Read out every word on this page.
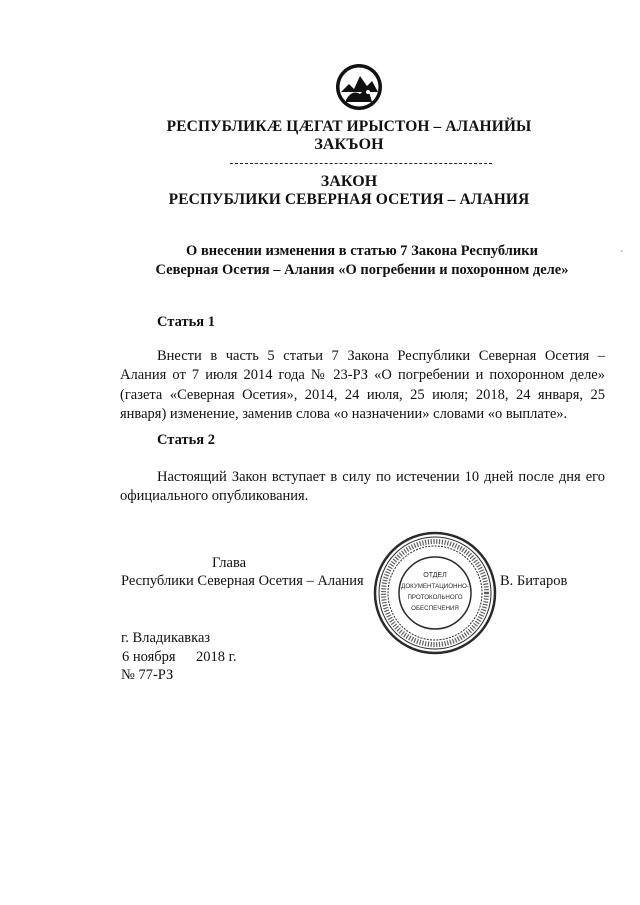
РЕСПУБЛИКÆ ЦÆГАТ ИРЫСТОН – АЛАНИЙЫ
ЗАКЪОН
ЗАКОН
РЕСПУБЛИКИ СЕВЕРНАЯ ОСЕТИЯ – АЛАНИЯ
О внесении изменения в статью 7 Закона Республики
Северная Осетия – Алания «О погребении и похоронном деле»
ˋ
Статья 1
Внести в часть 5 статьи 7 Закона Республики Северная Осетия – Алания от 7 июля 2014 года № 23-РЗ «О погребении и похоронном деле» (газета «Северная Осетия», 2014, 24 июля, 25 июля; 2018, 24 января, 25 января) изменение, заменив слова «о назначении» словами «о выплате».
Статья 2
Настоящий Закон вступает в силу по истечении 10 дней после дня его официального опубликования.
Глава
Республики Северная Осетия – Алания	В. Битаров
ОТДЕЛ
ДОКУМЕНТАЦИОННО-
ПРОТОКОЛЬНОГО
ОБЕСПЕЧЕНИЯ
г. Владикавказ
6 ноября 2018 г.
№ 77-РЗ
